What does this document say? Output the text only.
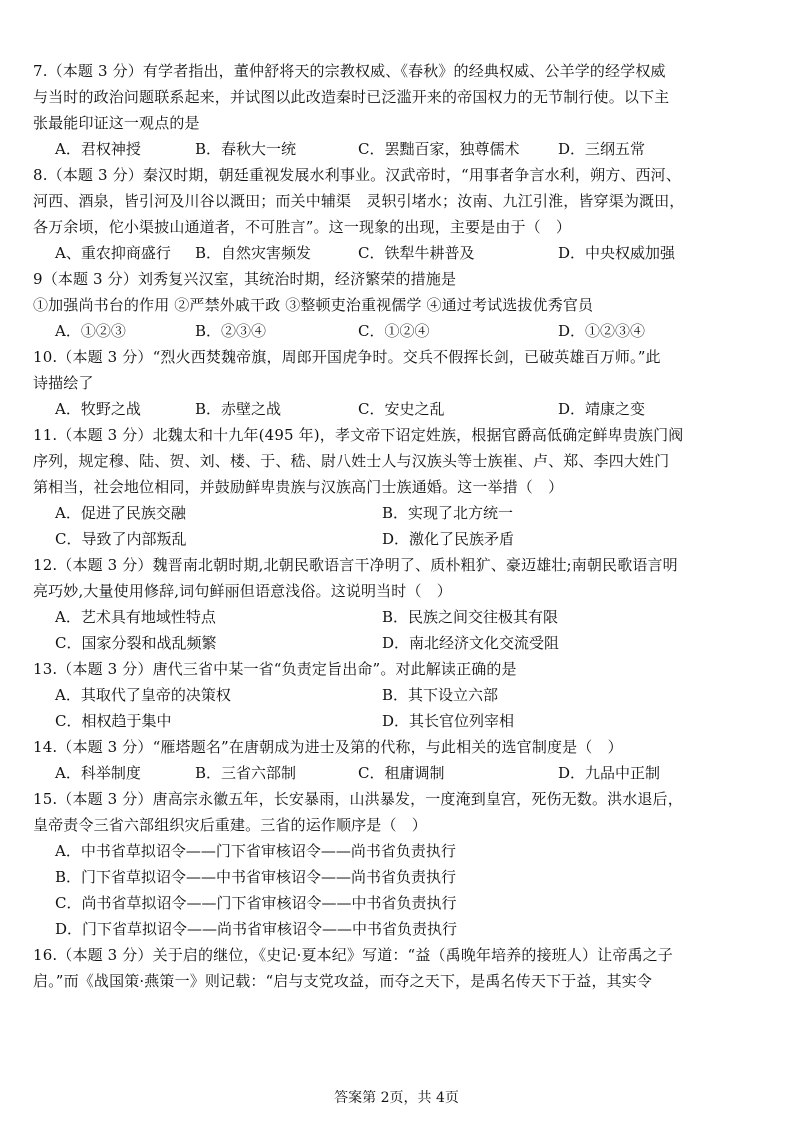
7.（本题 3 分）有学者指出，董仲舒将天的宗教权威、《春秋》的经典权威、公羊学的经学权威
与当时的政治问题联系起来，并试图以此改造秦时已泛滥开来的帝国权力的无节制行使。以下主
张最能印证这一观点的是
A．君权神授	B．春秋大一统	C．罢黜百家，独尊儒术	D．三纲五常
8.（本题 3 分）秦汉时期，朝廷重视发展水利事业。汉武帝时，“用事者争言水利，朔方、西河、
河西、酒泉，皆引河及川谷以溉田；而关中辅渠　灵轵引堵水；汝南、九江引淮，皆穿渠为溉田，
各万余顷，佗小渠披山通道者，不可胜言”。这一现象的出现，主要是由于（　）
A、重农抑商盛行	B．自然灾害频发	C．铁犁牛耕普及	D．中央权威加强
9（本题 3 分）刘秀复兴汉室，其统治时期，经济繁荣的措施是
①加强尚书台的作用 ②严禁外戚干政 ③整顿吏治重视儒学 ④通过考试选拔优秀官员
A．①②③	B．②③④	C．①②④	D．①②③④
10.（本题 3 分）“烈火西焚魏帝旗，周郎开国虎争时。交兵不假挥长剑，已破英雄百万师。”此
诗描绘了
A．牧野之战	B．赤壁之战	C．安史之乱	D．靖康之变
11.（本题 3 分）北魏太和十九年(495 年)，孝文帝下诏定姓族，根据官爵高低确定鲜卑贵族门阀
序列，规定穆、陆、贺、刘、楼、于、嵇、尉八姓士人与汉族头等士族崔、卢、郑、李四大姓门
第相当，社会地位相同，并鼓励鲜卑贵族与汉族高门士族通婚。这一举措（　）
A．促进了民族交融	B．实现了北方统一
C．导致了内部叛乱	D．激化了民族矛盾
12.（本题 3 分）魏晋南北朝时期,北朝民歌语言干净明了、质朴粗犷、豪迈雄壮;南朝民歌语言明
亮巧妙,大量使用修辞,词句鲜丽但语意浅俗。这说明当时（　）
A．艺术具有地域性特点	B．民族之间交往极其有限
C．国家分裂和战乱频繁	D．南北经济文化交流受阻
13.（本题 3 分）唐代三省中某一省“负责定旨出命”。对此解读正确的是
A．其取代了皇帝的决策权	B．其下设立六部
C．相权趋于集中	D．其长官位列宰相
14.（本题 3 分）“雁塔题名”在唐朝成为进士及第的代称，与此相关的选官制度是（　）
A．科举制度	B．三省六部制	C．租庸调制	D．九品中正制
15.（本题 3 分）唐高宗永徽五年，长安暴雨，山洪暴发，一度淹到皇宫，死伤无数。洪水退后，
皇帝责令三省六部组织灾后重建。三省的运作顺序是（　）
A．中书省草拟诏令——门下省审核诏令——尚书省负责执行
B．门下省草拟诏令——中书省审核诏令——尚书省负责执行
C．尚书省草拟诏令——门下省审核诏令——中书省负责执行
D．门下省草拟诏令——尚书省审核诏令——中书省负责执行
16.（本题 3 分）关于启的继位，《史记·夏本纪》写道：“益（禹晚年培养的接班人）让帝禹之子
启。”而《战国策·燕策一》则记载：“启与支党攻益，而夺之天下，是禹名传天下于益，其实令
答案第 2页，共 4页
